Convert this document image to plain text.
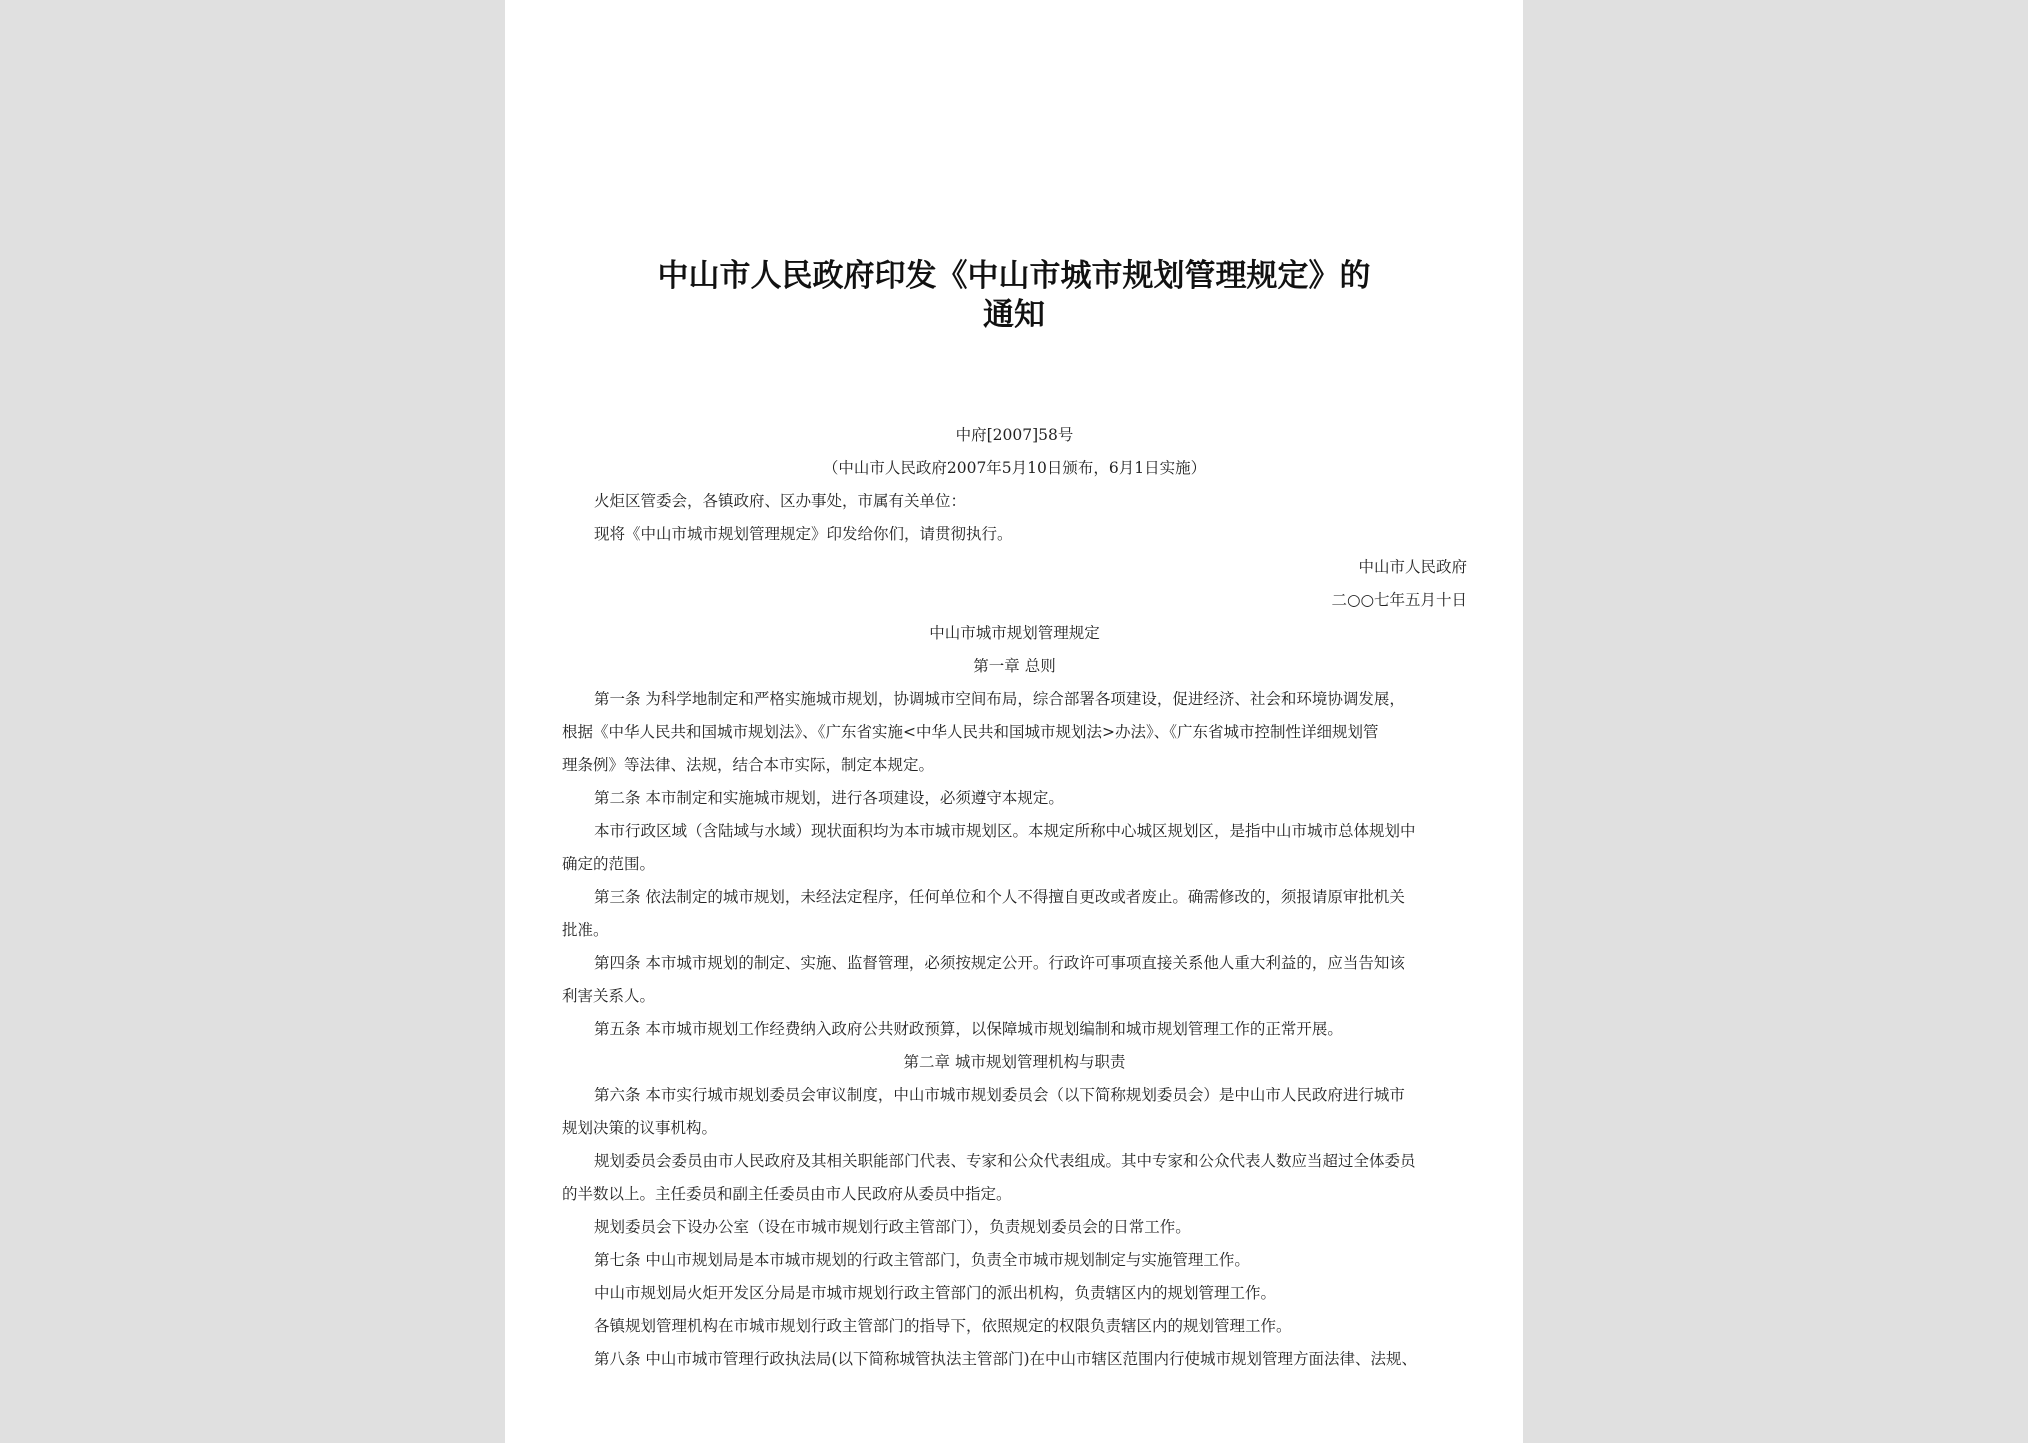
中山市人民政府印发《中山市城市规划管理规定》的
通知
中府[2007]58号
（中山市人民政府2007年5月10日颁布，6月1日实施）
火炬区管委会，各镇政府、区办事处，市属有关单位：
现将《中山市城市规划管理规定》印发给你们，请贯彻执行。
中山市人民政府
二○○七年五月十日
中山市城市规划管理规定
第一章 总则
第一条 为科学地制定和严格实施城市规划，协调城市空间布局，综合部署各项建设，促进经济、社会和环境协调发展，
根据《中华人民共和国城市规划法》、《广东省实施<中华人民共和国城市规划法>办法》、《广东省城市控制性详细规划管
理条例》等法律、法规，结合本市实际，制定本规定。
第二条 本市制定和实施城市规划，进行各项建设，必须遵守本规定。
本市行政区域（含陆域与水域）现状面积均为本市城市规划区。本规定所称中心城区规划区，是指中山市城市总体规划中
确定的范围。
第三条 依法制定的城市规划，未经法定程序，任何单位和个人不得擅自更改或者废止。确需修改的，须报请原审批机关
批准。
第四条 本市城市规划的制定、实施、监督管理，必须按规定公开。行政许可事项直接关系他人重大利益的，应当告知该
利害关系人。
第五条 本市城市规划工作经费纳入政府公共财政预算，以保障城市规划编制和城市规划管理工作的正常开展。
第二章 城市规划管理机构与职责
第六条 本市实行城市规划委员会审议制度，中山市城市规划委员会（以下简称规划委员会）是中山市人民政府进行城市
规划决策的议事机构。
规划委员会委员由市人民政府及其相关职能部门代表、专家和公众代表组成。其中专家和公众代表人数应当超过全体委员
的半数以上。主任委员和副主任委员由市人民政府从委员中指定。
规划委员会下设办公室（设在市城市规划行政主管部门），负责规划委员会的日常工作。
第七条 中山市规划局是本市城市规划的行政主管部门，负责全市城市规划制定与实施管理工作。
中山市规划局火炬开发区分局是市城市规划行政主管部门的派出机构，负责辖区内的规划管理工作。
各镇规划管理机构在市城市规划行政主管部门的指导下，依照规定的权限负责辖区内的规划管理工作。
第八条 中山市城市管理行政执法局(以下简称城管执法主管部门)在中山市辖区范围内行使城市规划管理方面法律、法规、
